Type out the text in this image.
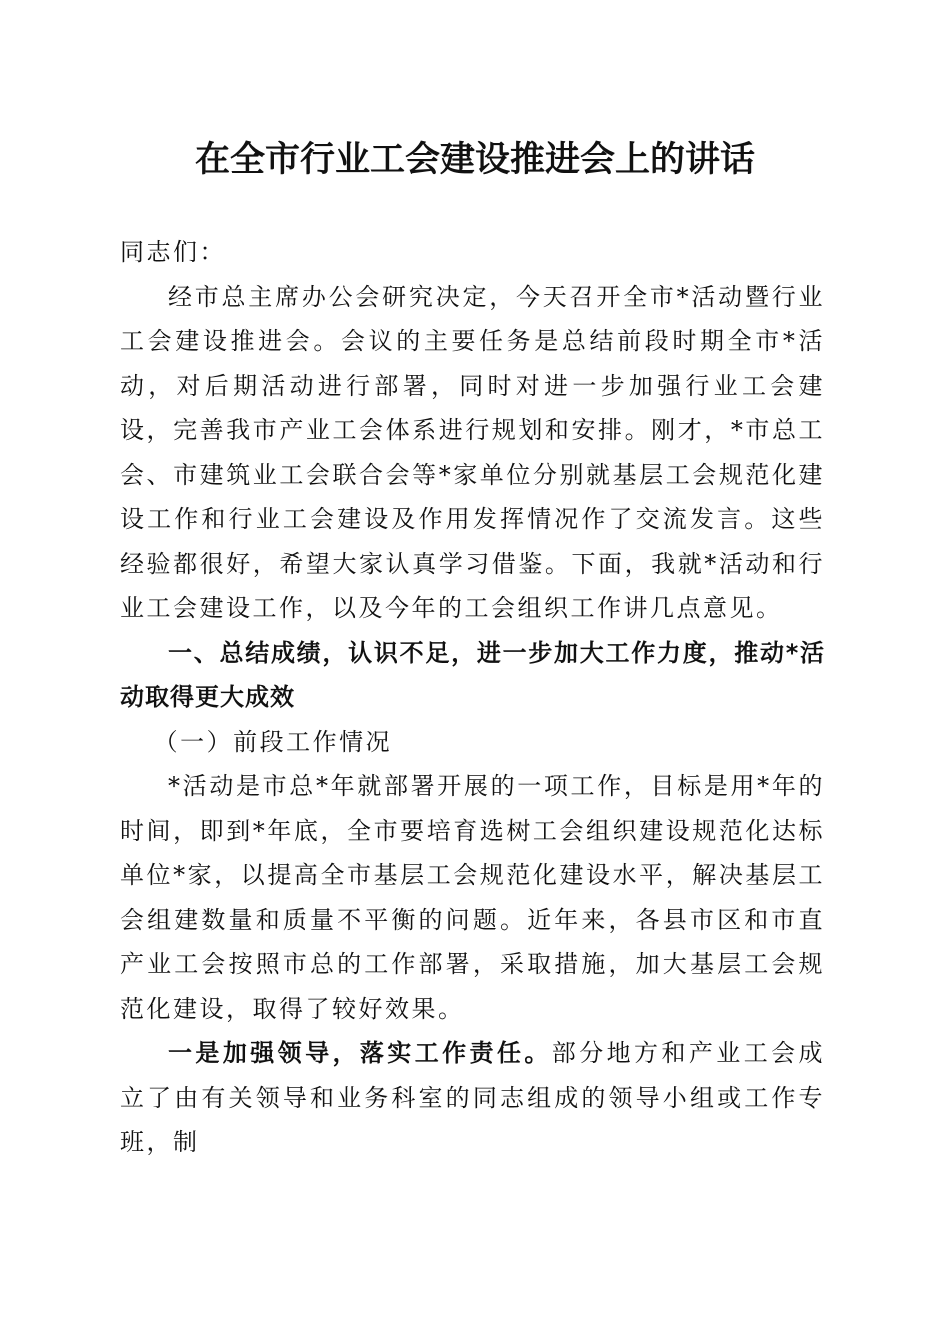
在全市行业工会建设推进会上的讲话

同志们：

经市总主席办公会研究决定，今天召开全市*活动暨行业工会建设推进会。会议的主要任务是总结前段时期全市*活动，对后期活动进行部署，同时对进一步加强行业工会建设，完善我市产业工会体系进行规划和安排。刚才，*市总工会、市建筑业工会联合会等*家单位分别就基层工会规范化建设工作和行业工会建设及作用发挥情况作了交流发言。这些经验都很好，希望大家认真学习借鉴。下面，我就*活动和行业工会建设工作，以及今年的工会组织工作讲几点意见。

一、总结成绩，认识不足，进一步加大工作力度，推动*活动取得更大成效

（一）前段工作情况

*活动是市总*年就部署开展的一项工作，目标是用*年的时间，即到*年底，全市要培育选树工会组织建设规范化达标单位*家，以提高全市基层工会规范化建设水平，解决基层工会组建数量和质量不平衡的问题。近年来，各县市区和市直产业工会按照市总的工作部署，采取措施，加大基层工会规范化建设，取得了较好效果。

一是加强领导，落实工作责任。部分地方和产业工会成立了由有关领导和业务科室的同志组成的领导小组或工作专班，制
